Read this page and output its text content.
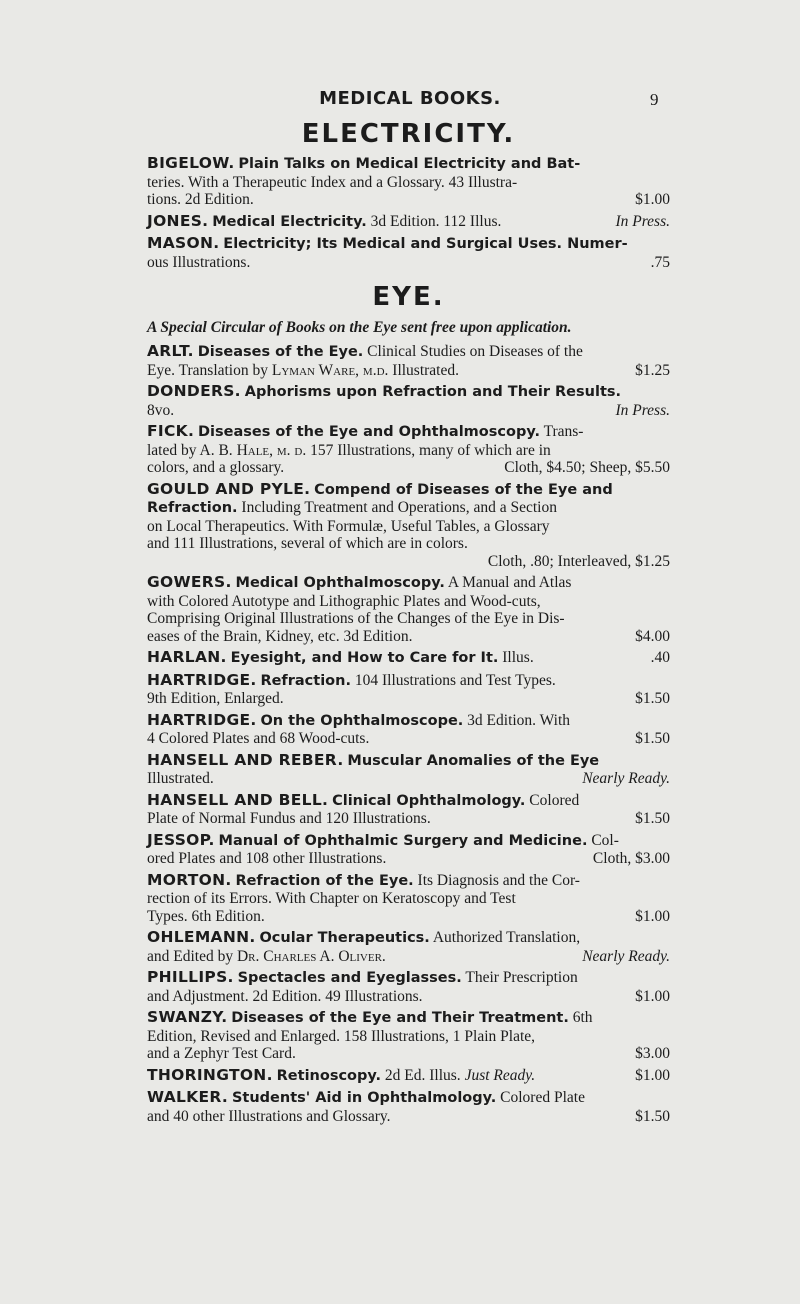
MEDICAL BOOKS.	9
ELECTRICITY.
BIGELOW. Plain Talks on Medical Electricity and Bat-
teries. With a Therapeutic Index and a Glossary. 43 Illustra-
tions. 2d Edition.	$1.00
JONES. Medical Electricity. 3d Edition. 112 Illus.	In Press.
MASON. Electricity; Its Medical and Surgical Uses. Numer-
ous Illustrations.	.75
EYE.
A Special Circular of Books on the Eye sent free upon application.
ARLT. Diseases of the Eye. Clinical Studies on Diseases of the
Eye. Translation by Lyman Ware, m.d. Illustrated.	$1.25
DONDERS. Aphorisms upon Refraction and Their Results.
8vo.	In Press.
FICK. Diseases of the Eye and Ophthalmoscopy. Trans-
lated by A. B. Hale, m. d. 157 Illustrations, many of which are in
colors, and a glossary.	Cloth, $4.50; Sheep, $5.50
GOULD AND PYLE. Compend of Diseases of the Eye and
Refraction. Including Treatment and Operations, and a Section
on Local Therapeutics. With Formulæ, Useful Tables, a Glossary
and 111 Illustrations, several of which are in colors.
Cloth, .80; Interleaved, $1.25
GOWERS. Medical Ophthalmoscopy. A Manual and Atlas
with Colored Autotype and Lithographic Plates and Wood-cuts,
Comprising Original Illustrations of the Changes of the Eye in Dis-
eases of the Brain, Kidney, etc. 3d Edition.	$4.00
HARLAN. Eyesight, and How to Care for It. Illus.	.40
HARTRIDGE. Refraction. 104 Illustrations and Test Types.
9th Edition, Enlarged.	$1.50
HARTRIDGE. On the Ophthalmoscope. 3d Edition. With
4 Colored Plates and 68 Wood-cuts.	$1.50
HANSELL AND REBER. Muscular Anomalies of the Eye
Illustrated.	Nearly Ready.
HANSELL AND BELL. Clinical Ophthalmology. Colored
Plate of Normal Fundus and 120 Illustrations.	$1.50
JESSOP. Manual of Ophthalmic Surgery and Medicine. Col-
ored Plates and 108 other Illustrations.	Cloth, $3.00
MORTON. Refraction of the Eye. Its Diagnosis and the Cor-
rection of its Errors. With Chapter on Keratoscopy and Test
Types. 6th Edition.	$1.00
OHLEMANN. Ocular Therapeutics. Authorized Translation,
and Edited by Dr. Charles A. Oliver.	Nearly Ready.
PHILLIPS. Spectacles and Eyeglasses. Their Prescription
and Adjustment. 2d Edition. 49 Illustrations.	$1.00
SWANZY. Diseases of the Eye and Their Treatment. 6th
Edition, Revised and Enlarged. 158 Illustrations, 1 Plain Plate,
and a Zephyr Test Card.	$3.00
THORINGTON. Retinoscopy. 2d Ed. Illus. Just Ready.	$1.00
WALKER. Students' Aid in Ophthalmology. Colored Plate
and 40 other Illustrations and Glossary.	$1.50
